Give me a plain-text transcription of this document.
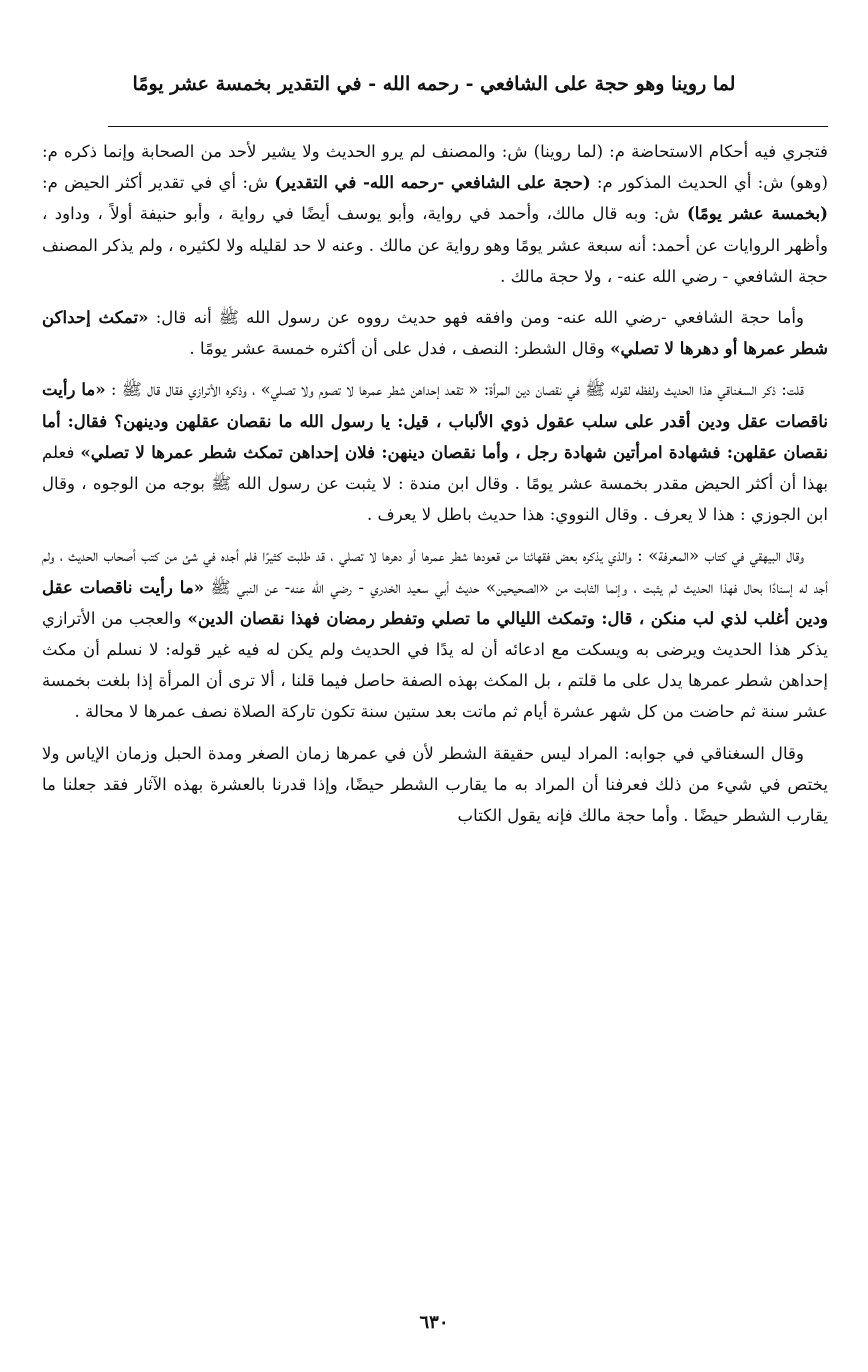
لما روينا وهو حجة على الشافعي - رحمه الله - في التقدير بخمسة عشر يومًا

فتجري فيه أحكام الاستحاضة م: (لما روينا) ش: والمصنف لم يرو الحديث ولا يشير لأحد من الصحابة وإنما ذكره م: (وهو) ش: أي الحديث المذكور م: (حجة على الشافعي -رحمه الله- في التقدير) ش: أي في تقدير أكثر الحيض م: (بخمسة عشر يومًا) ش: وبه قال مالك، وأحمد في رواية، وأبو يوسف أيضًا في رواية ، وأبو حنيفة أولاً ، وداود ، وأظهر الروايات عن أحمد: أنه سبعة عشر يومًا وهو رواية عن مالك . وعنه لا حد لقليله ولا لكثيره ، ولم يذكر المصنف حجة الشافعي - رضي الله عنه- ، ولا حجة مالك .

وأما حجة الشافعي -رضي الله عنه- ومن وافقه فهو حديث رووه عن رسول الله ﷺ أنه قال: «تمكث إحداكن شطر عمرها أو دهرها لا تصلي» وقال الشطر: النصف ، فدل على أن أكثره خمسة عشر يومًا .

قلت: ذكر السغناقي هذا الحديث ولفظه لقوله ﷺ في نقصان دين المرأة: « تقعد إحداهن شطر عمرها لا تصوم ولا تصلي» ، وذكره الأترازي فقال قال ﷺ : «ما رأيت ناقصات عقل ودين أقدر على سلب عقول ذوي الألباب ، قيل: يا رسول الله ما نقصان عقلهن ودينهن؟ فقال: أما نقصان عقلهن: فشهادة امرأتين شهادة رجل ، وأما نقصان دينهن: فلان إحداهن تمكث شطر عمرها لا تصلي» فعلم بهذا أن أكثر الحيض مقدر بخمسة عشر يومًا . وقال ابن مندة : لا يثبت عن رسول الله ﷺ بوجه من الوجوه ، وقال ابن الجوزي : هذا لا يعرف . وقال النووي: هذا حديث باطل لا يعرف .

وقال البيهقي في كتاب «المعرفة» : والذي يذكره بعض فقهائنا من قعودها شطر عمرها أو دهرها لا تصلي ، قد طلبت كثيرًا فلم أجده في شئ من كتب أصحاب الحديث ، ولم أجد له إسنادًا بحال فهذا الحديث لم يثبت ، وإنما الثابت من «الصحيحين» حديث أبي سعيد الخدري - رضي الله عنه- عن النبي ﷺ «ما رأيت ناقصات عقل ودين أغلب لذي لب منكن ، قال: وتمكث الليالي ما تصلي وتفطر رمضان فهذا نقصان الدين» والعجب من الأترازي يذكر هذا الحديث ويرضى به ويسكت مع ادعائه أن له يدًا في الحديث ولم يكن له فيه غير قوله: لا نسلم أن مكث إحداهن شطر عمرها يدل على ما قلتم ، بل المكث بهذه الصفة حاصل فيما قلنا ، ألا ترى أن المرأة إذا بلغت بخمسة عشر سنة ثم حاضت من كل شهر عشرة أيام ثم ماتت بعد ستين سنة تكون تاركة الصلاة نصف عمرها لا محالة .

وقال السغناقي في جوابه: المراد ليس حقيقة الشطر لأن في عمرها زمان الصغر ومدة الحبل وزمان الإياس ولا يختص في شيء من ذلك فعرفنا أن المراد به ما يقارب الشطر حيضًا، وإذا قدرنا بالعشرة بهذه الآثار فقد جعلنا ما يقارب الشطر حيضًا . وأما حجة مالك فإنه يقول الكتاب

٦٣٠
